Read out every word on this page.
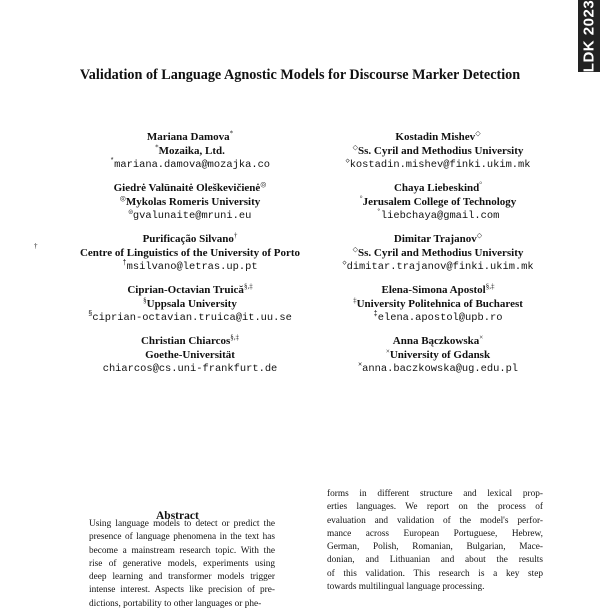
LDK 2023
Validation of Language Agnostic Models for Discourse Marker Detection
Mariana Damova*
*Mozaika, Ltd.
*mariana.damova@mozajka.co
Giedrė Valūnaitė Oleškevičienė◎
◎Mykolas Romeris University
◎gvalunaite@mruni.eu
Purificação Silvano†
†
Centre of Linguistics of the University of Porto
†msilvano@letras.up.pt
Ciprian-Octavian Truică§,‡
§Uppsala University
§ciprian-octavian.truica@it.uu.se
Christian Chiarcos§,‡
Goethe-Universität
chiarcos@cs.uni-frankfurt.de
Kostadin Mishev◇
◇Ss. Cyril and Methodius University
◇kostadin.mishev@finki.ukim.mk
Chaya Liebeskind°
°Jerusalem College of Technology
°liebchaya@gmail.com
Dimitar Trajanov◇
◇Ss. Cyril and Methodius University
◇dimitar.trajanov@finki.ukim.mk
Elena-Simona Apostol§,‡
‡University Politehnica of Bucharest
‡elena.apostol@upb.ro
Anna Bączkowska×
×University of Gdansk
×anna.baczkowska@ug.edu.pl
Using language models to detect or predict the
presence of language phenomena in the text has
become a mainstream research topic. With the
rise of generative models, experiments using
deep learning and transformer models trigger
intense interest. Aspects like precision of pre-
dictions, portability to other languages or phe-
Abstract
forms in different structure and lexical prop-
erties languages. We report on the process of
evaluation and validation of the model's perfor-
mance across European Portuguese, Hebrew,
German, Polish, Romanian, Bulgarian, Mace-
donian, and Lithuanian and about the results
of this validation. This research is a key step
towards multilingual language processing.
